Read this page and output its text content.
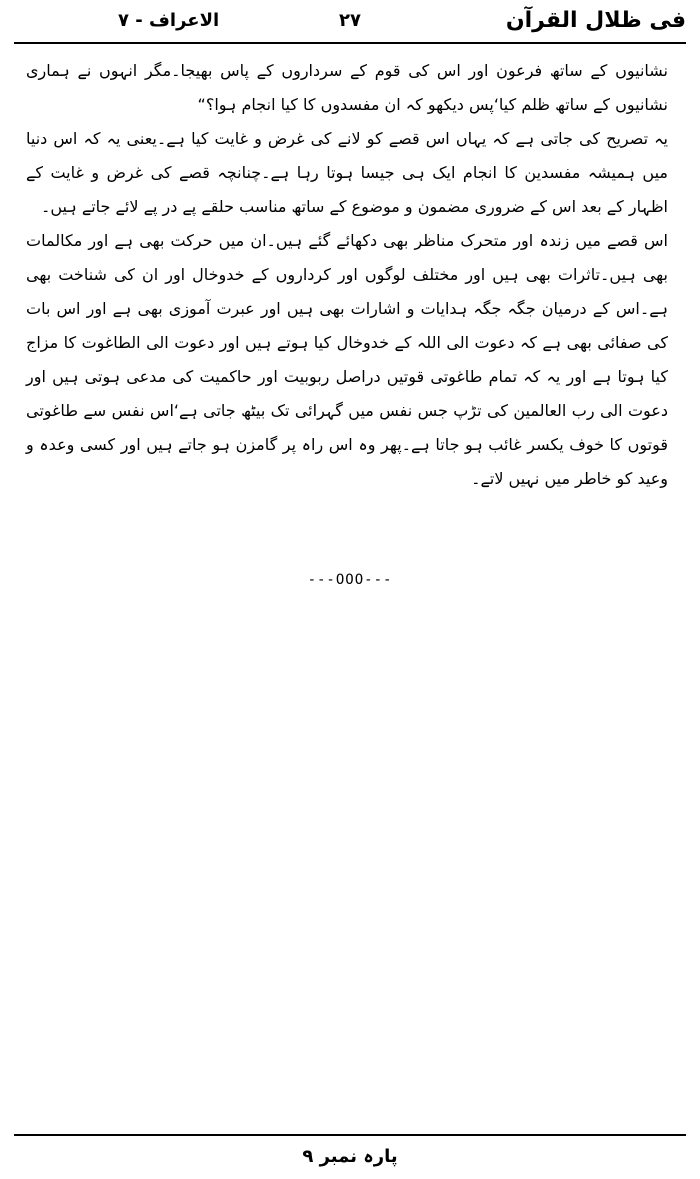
فی ظلال القرآن
۲۷
الاعراف - ۷

نشانیوں کے ساتھ فرعون اور اس کی قوم کے سرداروں کے پاس بھیجا۔مگر انہوں نے ہماری نشانیوں کے ساتھ ظلم کیا‘پس دیکھو کہ ان مفسدوں کا کیا انجام ہوا؟“

یہ تصریح کی جاتی ہے کہ یہاں اس قصے کو لانے کی غرض و غایت کیا ہے۔یعنی یہ کہ اس دنیا میں ہمیشہ مفسدین کا انجام ایک ہی جیسا ہوتا رہا ہے۔چنانچہ قصے کی غرض و غایت کے اظہار کے بعد اس کے ضروری مضمون و موضوع کے ساتھ مناسب حلقے پے در پے لائے جاتے ہیں۔

اس قصے میں زندہ اور متحرک مناظر بھی دکھائے گئے ہیں۔ان میں حرکت بھی ہے اور مکالمات بھی ہیں۔تاثرات بھی ہیں اور مختلف لوگوں اور کرداروں کے خدوخال اور ان کی شناخت بھی ہے۔اس کے درمیان جگہ جگہ ہدایات و اشارات بھی ہیں اور عبرت آموزی بھی ہے اور اس بات کی صفائی بھی ہے کہ دعوت الی اللہ کے خدوخال کیا ہوتے ہیں اور دعوت الی الطاغوت کا مزاج کیا ہوتا ہے اور یہ کہ تمام طاغوتی قوتیں دراصل ربوبیت اور حاکمیت کی مدعی ہوتی ہیں اور دعوت الی رب العالمین کی تڑپ جس نفس میں گہرائی تک بیٹھ جاتی ہے‘اس نفس سے طاغوتی قوتوں کا خوف یکسر غائب ہو جاتا ہے۔پھر وہ اس راہ پر گامزن ہو جاتے ہیں اور کسی وعدہ و وعید کو خاطر میں نہیں لاتے۔

---OOO---
پارہ نمبر ۹
